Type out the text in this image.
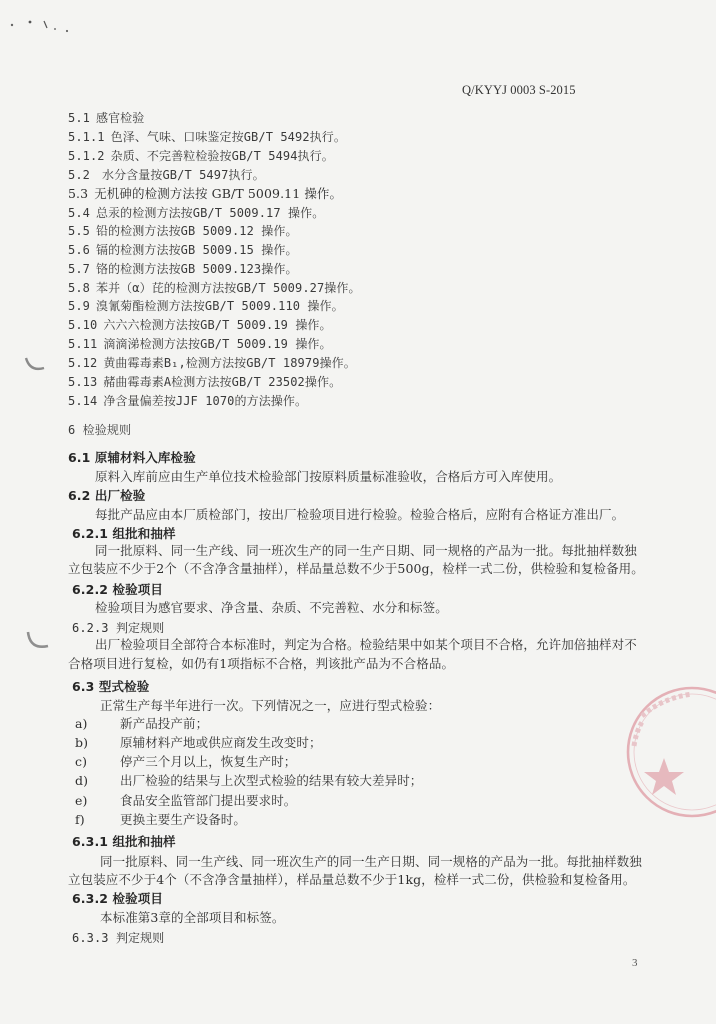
Q/KYYJ 0003 S-2015
5.1 感官检验
5.1.1 色泽、气味、口味鉴定按GB/T 5492执行。
5.1.2 杂质、不完善粒检验按GB/T 5494执行。
5.2 水分含量按GB/T 5497执行。
5.3 无机砷的检测方法按 GB/T 5009.11 操作。
5.4 总汞的检测方法按GB/T 5009.17 操作。
5.5 铅的检测方法按GB 5009.12 操作。
5.6 镉的检测方法按GB 5009.15 操作。
5.7 铬的检测方法按GB 5009.123操作。
5.8 苯并（α）芘的检测方法按GB/T 5009.27操作。
5.9 溴氰菊酯检测方法按GB/T 5009.110 操作。
5.10 六六六检测方法按GB/T 5009.19 操作。
5.11 滴滴涕检测方法按GB/T 5009.19 操作。
5.12 黄曲霉毒素B₁,检测方法按GB/T 18979操作。
5.13 赭曲霉毒素A检测方法按GB/T 23502操作。
5.14 净含量偏差按JJF 1070的方法操作。
6 检验规则
6.1 原辅材料入库检验
原料入库前应由生产单位技术检验部门按原料质量标准验收，合格后方可入库使用。
6.2 出厂检验
每批产品应由本厂质检部门，按出厂检验项目进行检验。检验合格后，应附有合格证方准出厂。
6.2.1 组批和抽样
同一批原料、同一生产线、同一班次生产的同一生产日期、同一规格的产品为一批。每批抽样数独
立包装应不少于2个（不含净含量抽样），样品量总数不少于500g，检样一式二份，供检验和复检备用。
6.2.2 检验项目
检验项目为感官要求、净含量、杂质、不完善粒、水分和标签。
6.2.3 判定规则
出厂检验项目全部符合本标准时，判定为合格。检验结果中如某个项目不合格，允许加倍抽样对不
合格项目进行复检，如仍有1项指标不合格，判该批产品为不合格品。
6.3 型式检验
正常生产每半年进行一次。下列情况之一，应进行型式检验：
a)	新产品投产前；
b)	原辅材料产地或供应商发生改变时；
c)	停产三个月以上，恢复生产时；
d)	出厂检验的结果与上次型式检验的结果有较大差异时；
e)	食品安全监管部门提出要求时。
f)	更换主要生产设备时。
6.3.1 组批和抽样
同一批原料、同一生产线、同一班次生产的同一生产日期、同一规格的产品为一批。每批抽样数独
立包装应不少于4个（不含净含量抽样），样品量总数不少于1kg，检样一式二份，供检验和复检备用。
6.3.2 检验项目
本标准第3章的全部项目和标签。
6.3.3 判定规则
3
